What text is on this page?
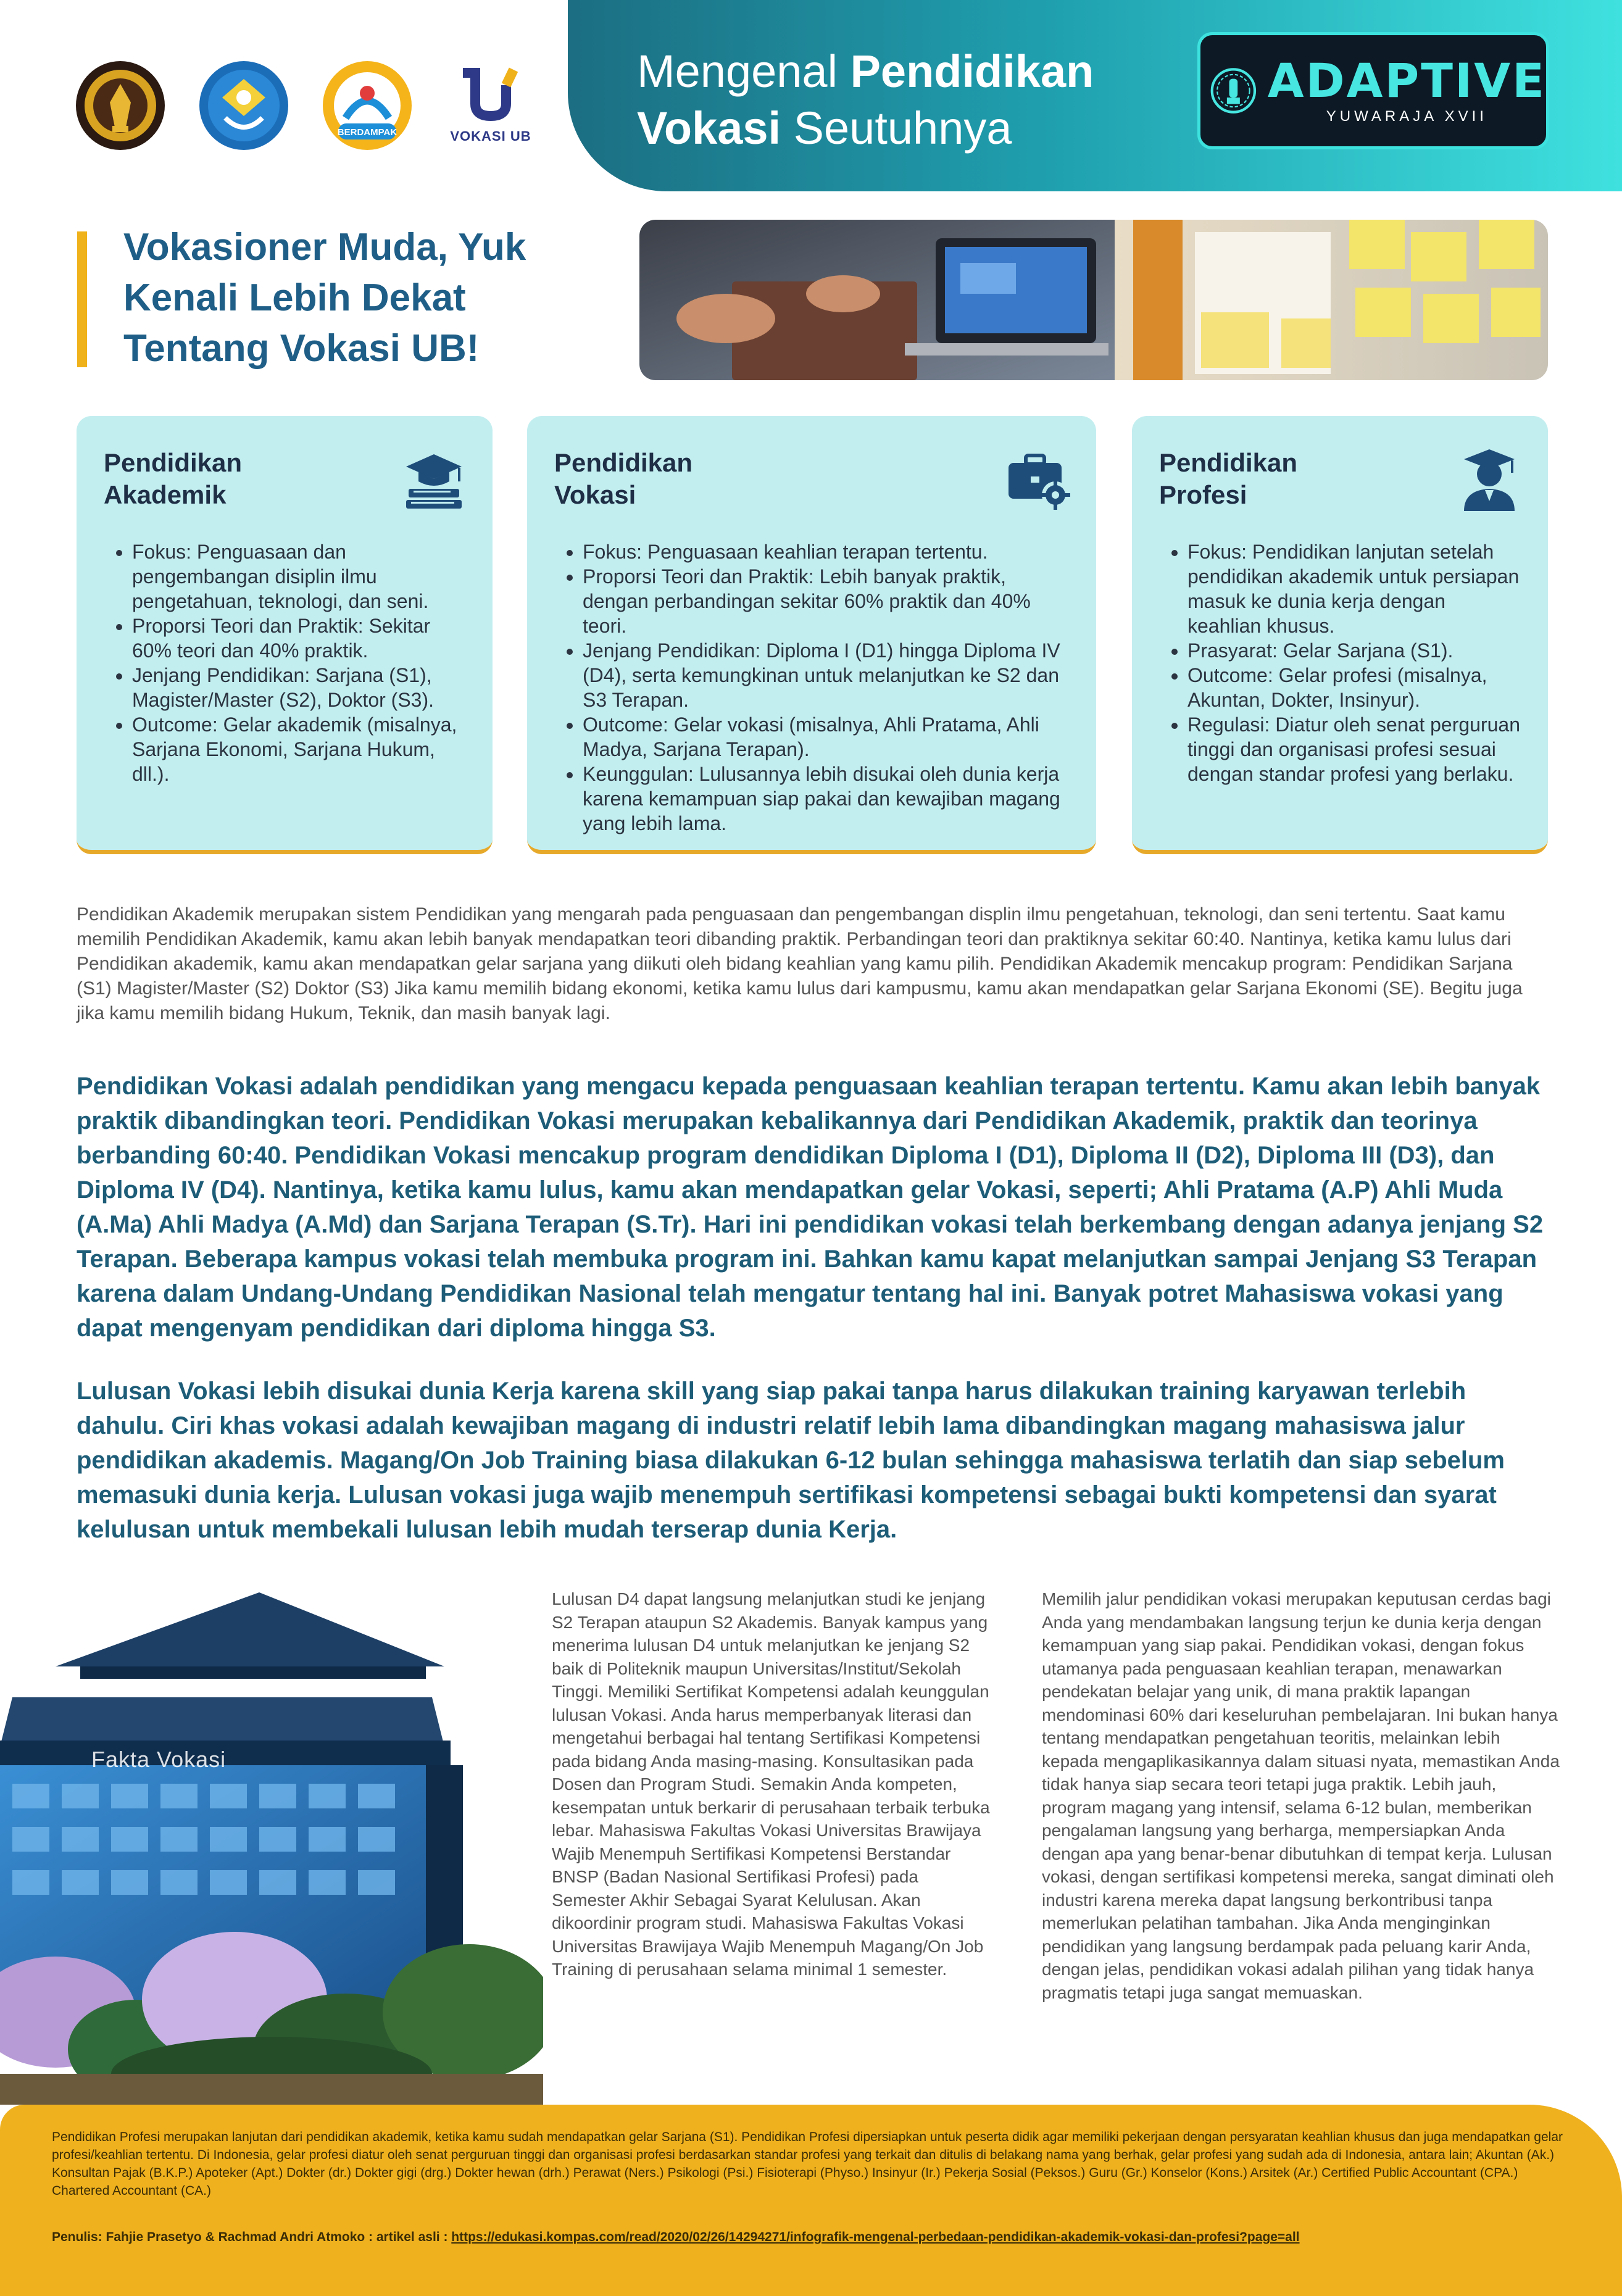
BERDAMPAK	VOKASI UB
Mengenal Pendidikan
Vokasi Seutuhnya
ADAPTIVE
YUWARAJA XVII
Vokasioner Muda, Yuk Kenali Lebih Dekat Tentang Vokasi UB!
Pendidikan
Akademik
• Fokus: Penguasaan dan pengembangan disiplin ilmu pengetahuan, teknologi, dan seni.
• Proporsi Teori dan Praktik: Sekitar 60% teori dan 40% praktik.
• Jenjang Pendidikan: Sarjana (S1), Magister/Master (S2), Doktor (S3).
• Outcome: Gelar akademik (misalnya, Sarjana Ekonomi, Sarjana Hukum, dll.).
Pendidikan
Vokasi
• Fokus: Penguasaan keahlian terapan tertentu.
• Proporsi Teori dan Praktik: Lebih banyak praktik, dengan perbandingan sekitar 60% praktik dan 40% teori.
• Jenjang Pendidikan: Diploma I (D1) hingga Diploma IV (D4), serta kemungkinan untuk melanjutkan ke S2 dan S3 Terapan.
• Outcome: Gelar vokasi (misalnya, Ahli Pratama, Ahli Madya, Sarjana Terapan).
• Keunggulan: Lulusannya lebih disukai oleh dunia kerja karena kemampuan siap pakai dan kewajiban magang yang lebih lama.
Pendidikan
Profesi
• Fokus: Pendidikan lanjutan setelah pendidikan akademik untuk persiapan masuk ke dunia kerja dengan keahlian khusus.
• Prasyarat: Gelar Sarjana (S1).
• Outcome: Gelar profesi (misalnya, Akuntan, Dokter, Insinyur).
• Regulasi: Diatur oleh senat perguruan tinggi dan organisasi profesi sesuai dengan standar profesi yang berlaku.

Pendidikan Akademik merupakan sistem Pendidikan yang mengarah pada penguasaan dan pengembangan displin ilmu pengetahuan, teknologi, dan seni tertentu. Saat kamu memilih Pendidikan Akademik, kamu akan lebih banyak mendapatkan teori dibanding praktik. Perbandingan teori dan praktiknya sekitar 60:40. Nantinya, ketika kamu lulus dari Pendidikan akademik, kamu akan mendapatkan gelar sarjana yang diikuti oleh bidang keahlian yang kamu pilih. Pendidikan Akademik mencakup program: Pendidikan Sarjana (S1) Magister/Master (S2) Doktor (S3) Jika kamu memilih bidang ekonomi, ketika kamu lulus dari kampusmu, kamu akan mendapatkan gelar Sarjana Ekonomi (SE). Begitu juga jika kamu memilih bidang Hukum, Teknik, dan masih banyak lagi.

Pendidikan Vokasi adalah pendidikan yang mengacu kepada penguasaan keahlian terapan tertentu. Kamu akan lebih banyak praktik dibandingkan teori. Pendidikan Vokasi merupakan kebalikannya dari Pendidikan Akademik, praktik dan teorinya berbanding 60:40. Pendidikan Vokasi mencakup program dendidikan Diploma I (D1), Diploma II (D2), Diploma III (D3), dan Diploma IV (D4). Nantinya, ketika kamu lulus, kamu akan mendapatkan gelar Vokasi, seperti; Ahli Pratama (A.P) Ahli Muda (A.Ma) Ahli Madya (A.Md) dan Sarjana Terapan (S.Tr). Hari ini pendidikan vokasi telah berkembang dengan adanya jenjang S2 Terapan. Beberapa kampus vokasi telah membuka program ini. Bahkan kamu kapat melanjutkan sampai Jenjang S3 Terapan karena dalam Undang-Undang Pendidikan Nasional telah mengatur tentang hal ini. Banyak potret Mahasiswa vokasi yang dapat mengenyam pendidikan dari diploma hingga S3.

Lulusan Vokasi lebih disukai dunia Kerja karena skill yang siap pakai tanpa harus dilakukan training karyawan terlebih dahulu. Ciri khas vokasi adalah kewajiban magang di industri relatif lebih lama dibandingkan magang mahasiswa jalur pendidikan akademis. Magang/On Job Training biasa dilakukan 6-12 bulan sehingga mahasiswa terlatih dan siap sebelum memasuki dunia kerja. Lulusan vokasi juga wajib menempuh sertifikasi kompetensi sebagai bukti kompetensi dan syarat kelulusan untuk membekali lulusan lebih mudah terserap dunia Kerja.

Fakta Vokasi

Lulusan D4 dapat langsung melanjutkan studi ke jenjang S2 Terapan ataupun S2 Akademis. Banyak kampus yang menerima lulusan D4 untuk melanjutkan ke jenjang S2 baik di Politeknik maupun Universitas/Institut/Sekolah Tinggi. Memiliki Sertifikat Kompetensi adalah keunggulan lulusan Vokasi. Anda harus memperbanyak literasi dan mengetahui berbagai hal tentang Sertifikasi Kompetensi pada bidang Anda masing-masing. Konsultasikan pada Dosen dan Program Studi. Semakin Anda kompeten, kesempatan untuk berkarir di perusahaan terbaik terbuka lebar. Mahasiswa Fakultas Vokasi Universitas Brawijaya Wajib Menempuh Sertifikasi Kompetensi Berstandar BNSP (Badan Nasional Sertifikasi Profesi) pada Semester Akhir Sebagai Syarat Kelulusan. Akan dikoordinir program studi. Mahasiswa Fakultas Vokasi Universitas Brawijaya Wajib Menempuh Magang/On Job Training di perusahaan selama minimal 1 semester.

Memilih jalur pendidikan vokasi merupakan keputusan cerdas bagi Anda yang mendambakan langsung terjun ke dunia kerja dengan kemampuan yang siap pakai. Pendidikan vokasi, dengan fokus utamanya pada penguasaan keahlian terapan, menawarkan pendekatan belajar yang unik, di mana praktik lapangan mendominasi 60% dari keseluruhan pembelajaran. Ini bukan hanya tentang mendapatkan pengetahuan teoritis, melainkan lebih kepada mengaplikasikannya dalam situasi nyata, memastikan Anda tidak hanya siap secara teori tetapi juga praktik. Lebih jauh, program magang yang intensif, selama 6-12 bulan, memberikan pengalaman langsung yang berharga, mempersiapkan Anda dengan apa yang benar-benar dibutuhkan di tempat kerja. Lulusan vokasi, dengan sertifikasi kompetensi mereka, sangat diminati oleh industri karena mereka dapat langsung berkontribusi tanpa memerlukan pelatihan tambahan. Jika Anda menginginkan pendidikan yang langsung berdampak pada peluang karir Anda, dengan jelas, pendidikan vokasi adalah pilihan yang tidak hanya pragmatis tetapi juga sangat memuaskan.

Pendidikan Profesi merupakan lanjutan dari pendidikan akademik, ketika kamu sudah mendapatkan gelar Sarjana (S1). Pendidikan Profesi dipersiapkan untuk peserta didik agar memiliki pekerjaan dengan persyaratan keahlian khusus dan juga mendapatkan gelar profesi/keahlian tertentu. Di Indonesia, gelar profesi diatur oleh senat perguruan tinggi dan organisasi profesi berdasarkan standar profesi yang terkait dan ditulis di belakang nama yang berhak, gelar profesi yang sudah ada di Indonesia, antara lain; Akuntan (Ak.) Konsultan Pajak (B.K.P.) Apoteker (Apt.) Dokter (dr.) Dokter gigi (drg.) Dokter hewan (drh.) Perawat (Ners.) Psikologi (Psi.) Fisioterapi (Physo.) Insinyur (Ir.) Pekerja Sosial (Peksos.) Guru (Gr.) Konselor (Kons.) Arsitek (Ar.) Certified Public Accountant (CPA.) Chartered Accountant (CA.)

Penulis: Fahjie Prasetyo & Rachmad Andri Atmoko : artikel asli : https://edukasi.kompas.com/read/2020/02/26/14294271/infografik-mengenal-perbedaan-pendidikan-akademik-vokasi-dan-profesi?page=all
